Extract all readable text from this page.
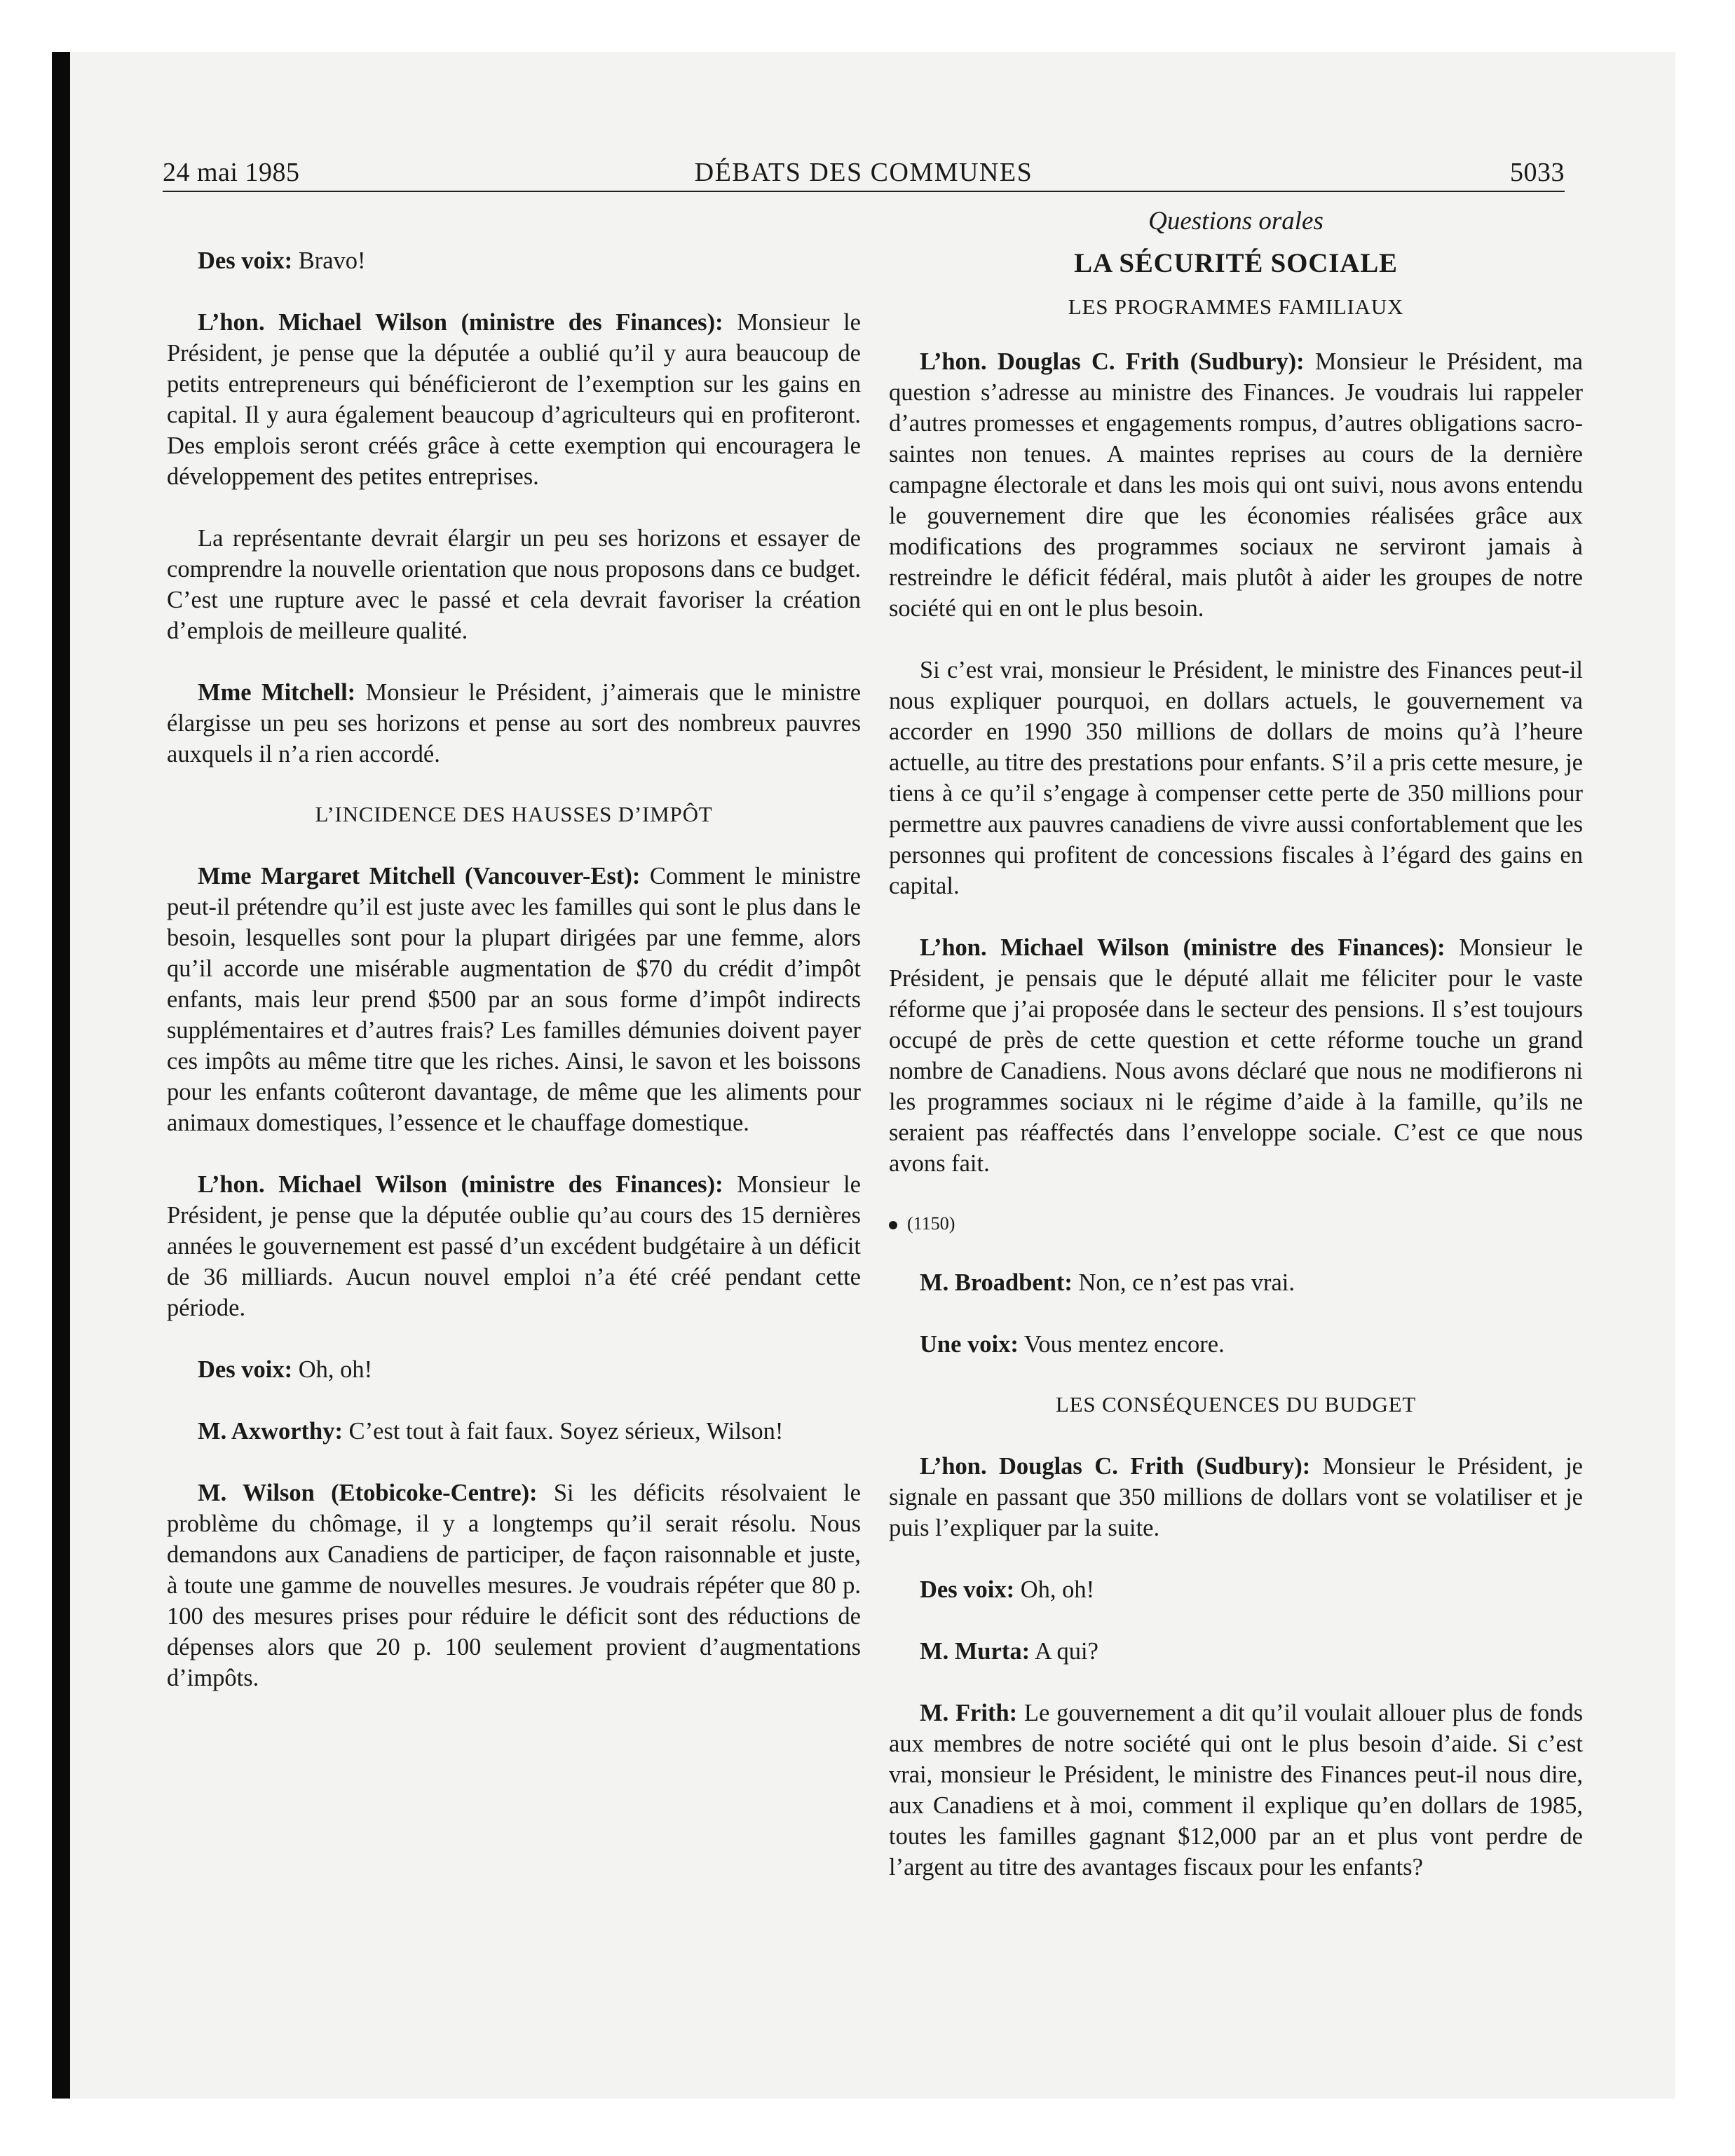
24 mai 1985	DÉBATS DES COMMUNES	5033

Des voix: Bravo!

L’hon. Michael Wilson (ministre des Finances): Monsieur le Président, je pense que la députée a oublié qu’il y aura beaucoup de petits entrepreneurs qui bénéficieront de l’exemption sur les gains en capital. Il y aura également beaucoup d’agriculteurs qui en profiteront. Des emplois seront créés grâce à cette exemption qui encouragera le développement des petites entreprises.

La représentante devrait élargir un peu ses horizons et essayer de comprendre la nouvelle orientation que nous proposons dans ce budget. C’est une rupture avec le passé et cela devrait favoriser la création d’emplois de meilleure qualité.

Mme Mitchell: Monsieur le Président, j’aimerais que le ministre élargisse un peu ses horizons et pense au sort des nombreux pauvres auxquels il n’a rien accordé.

L’INCIDENCE DES HAUSSES D’IMPÔT

Mme Margaret Mitchell (Vancouver-Est): Comment le ministre peut-il prétendre qu’il est juste avec les familles qui sont le plus dans le besoin, lesquelles sont pour la plupart dirigées par une femme, alors qu’il accorde une misérable augmentation de $70 du crédit d’impôt enfants, mais leur prend $500 par an sous forme d’impôt indirects supplémentaires et d’autres frais? Les familles démunies doivent payer ces impôts au même titre que les riches. Ainsi, le savon et les boissons pour les enfants coûteront davantage, de même que les aliments pour animaux domestiques, l’essence et le chauffage domestique.

L’hon. Michael Wilson (ministre des Finances): Monsieur le Président, je pense que la députée oublie qu’au cours des 15 dernières années le gouvernement est passé d’un excédent budgétaire à un déficit de 36 milliards. Aucun nouvel emploi n’a été créé pendant cette période.

Des voix: Oh, oh!

M. Axworthy: C’est tout à fait faux. Soyez sérieux, Wilson!

M. Wilson (Etobicoke-Centre): Si les déficits résolvaient le problème du chômage, il y a longtemps qu’il serait résolu. Nous demandons aux Canadiens de participer, de façon raisonnable et juste, à toute une gamme de nouvelles mesures. Je voudrais répéter que 80 p. 100 des mesures prises pour réduire le déficit sont des réductions de dépenses alors que 20 p. 100 seulement provient d’augmentations d’impôts.

Questions orales
LA SÉCURITÉ SOCIALE
LES PROGRAMMES FAMILIAUX

L’hon. Douglas C. Frith (Sudbury): Monsieur le Président, ma question s’adresse au ministre des Finances. Je voudrais lui rappeler d’autres promesses et engagements rompus, d’autres obligations sacro-saintes non tenues. A maintes reprises au cours de la dernière campagne électorale et dans les mois qui ont suivi, nous avons entendu le gouvernement dire que les économies réalisées grâce aux modifications des programmes sociaux ne serviront jamais à restreindre le déficit fédéral, mais plutôt à aider les groupes de notre société qui en ont le plus besoin.

Si c’est vrai, monsieur le Président, le ministre des Finances peut-il nous expliquer pourquoi, en dollars actuels, le gouvernement va accorder en 1990 350 millions de dollars de moins qu’à l’heure actuelle, au titre des prestations pour enfants. S’il a pris cette mesure, je tiens à ce qu’il s’engage à compenser cette perte de 350 millions pour permettre aux pauvres canadiens de vivre aussi confortablement que les personnes qui profitent de concessions fiscales à l’égard des gains en capital.

L’hon. Michael Wilson (ministre des Finances): Monsieur le Président, je pensais que le député allait me féliciter pour le vaste réforme que j’ai proposée dans le secteur des pensions. Il s’est toujours occupé de près de cette question et cette réforme touche un grand nombre de Canadiens. Nous avons déclaré que nous ne modifierons ni les programmes sociaux ni le régime d’aide à la famille, qu’ils ne seraient pas réaffectés dans l’enveloppe sociale. C’est ce que nous avons fait.

(1150)

M. Broadbent: Non, ce n’est pas vrai.

Une voix: Vous mentez encore.

LES CONSÉQUENCES DU BUDGET

L’hon. Douglas C. Frith (Sudbury): Monsieur le Président, je signale en passant que 350 millions de dollars vont se volatiliser et je puis l’expliquer par la suite.

Des voix: Oh, oh!

M. Murta: A qui?

M. Frith: Le gouvernement a dit qu’il voulait allouer plus de fonds aux membres de notre société qui ont le plus besoin d’aide. Si c’est vrai, monsieur le Président, le ministre des Finances peut-il nous dire, aux Canadiens et à moi, comment il explique qu’en dollars de 1985, toutes les familles gagnant $12,000 par an et plus vont perdre de l’argent au titre des avantages fiscaux pour les enfants?
